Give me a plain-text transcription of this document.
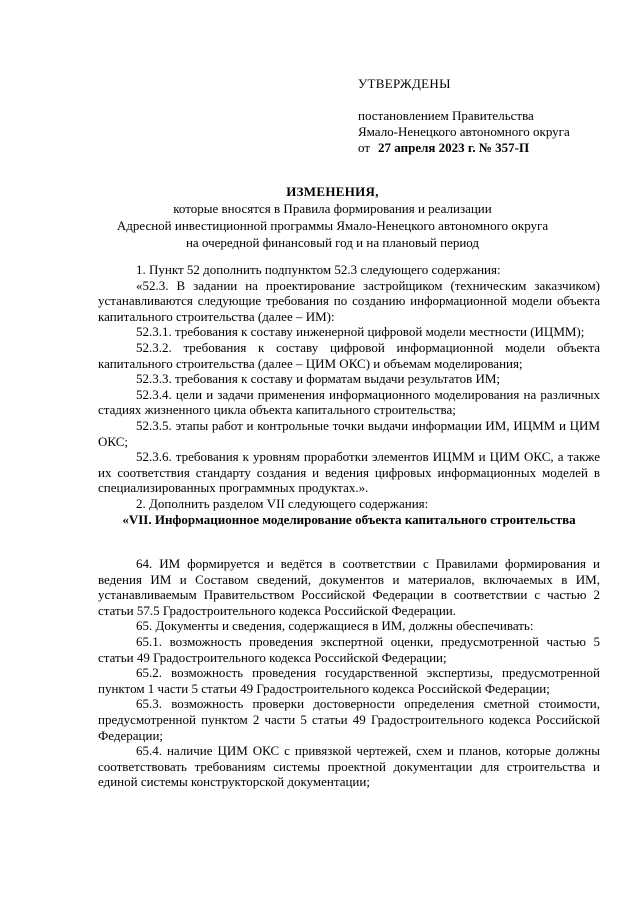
УТВЕРЖДЕНЫ
постановлением Правительства
Ямало-Ненецкого автономного округа
от 27 апреля 2023 г. № 357-П
ИЗМЕНЕНИЯ,
которые вносятся в Правила формирования и реализации
Адресной инвестиционной программы Ямало-Ненецкого автономного округа
на очередной финансовый год и на плановый период

1. Пункт 52 дополнить подпунктом 52.3 следующего содержания:

«52.3. В задании на проектирование застройщиком (техническим заказчиком) устанавливаются следующие требования по созданию информационной модели объекта капитального строительства (далее – ИМ):

52.3.1. требования к составу инженерной цифровой модели местности (ИЦММ);

52.3.2. требования к составу цифровой информационной модели объекта капитального строительства (далее – ЦИМ ОКС) и объемам моделирования;

52.3.3. требования к составу и форматам выдачи результатов ИМ;

52.3.4. цели и задачи применения информационного моделирования на различных стадиях жизненного цикла объекта капитального строительства;

52.3.5. этапы работ и контрольные точки выдачи информации ИМ, ИЦММ и ЦИМ ОКС;

52.3.6. требования к уровням проработки элементов ИЦММ и ЦИМ ОКС, а также их соответствия стандарту создания и ведения цифровых информационных моделей в специализированных программных продуктах.».

2. Дополнить разделом VII следующего содержания:

«VII. Информационное моделирование объекта капитального строительства

64. ИМ формируется и ведётся в соответствии с Правилами формирования и ведения ИМ и Составом сведений, документов и материалов, включаемых в ИМ, устанавливаемым Правительством Российской Федерации в соответствии с частью 2 статьи 57.5 Градостроительного кодекса Российской Федерации.

65. Документы и сведения, содержащиеся в ИМ, должны обеспечивать:

65.1. возможность проведения экспертной оценки, предусмотренной частью 5 статьи 49 Градостроительного кодекса Российской Федерации;

65.2. возможность проведения государственной экспертизы, предусмотренной пунктом 1 части 5 статьи 49 Градостроительного кодекса Российской Федерации;

65.3. возможность проверки достоверности определения сметной стоимости, предусмотренной пунктом 2 части 5 статьи 49 Градостроительного кодекса Российской Федерации;

65.4. наличие ЦИМ ОКС с привязкой чертежей, схем и планов, которые должны соответствовать требованиям системы проектной документации для строительства и единой системы конструкторской документации;
